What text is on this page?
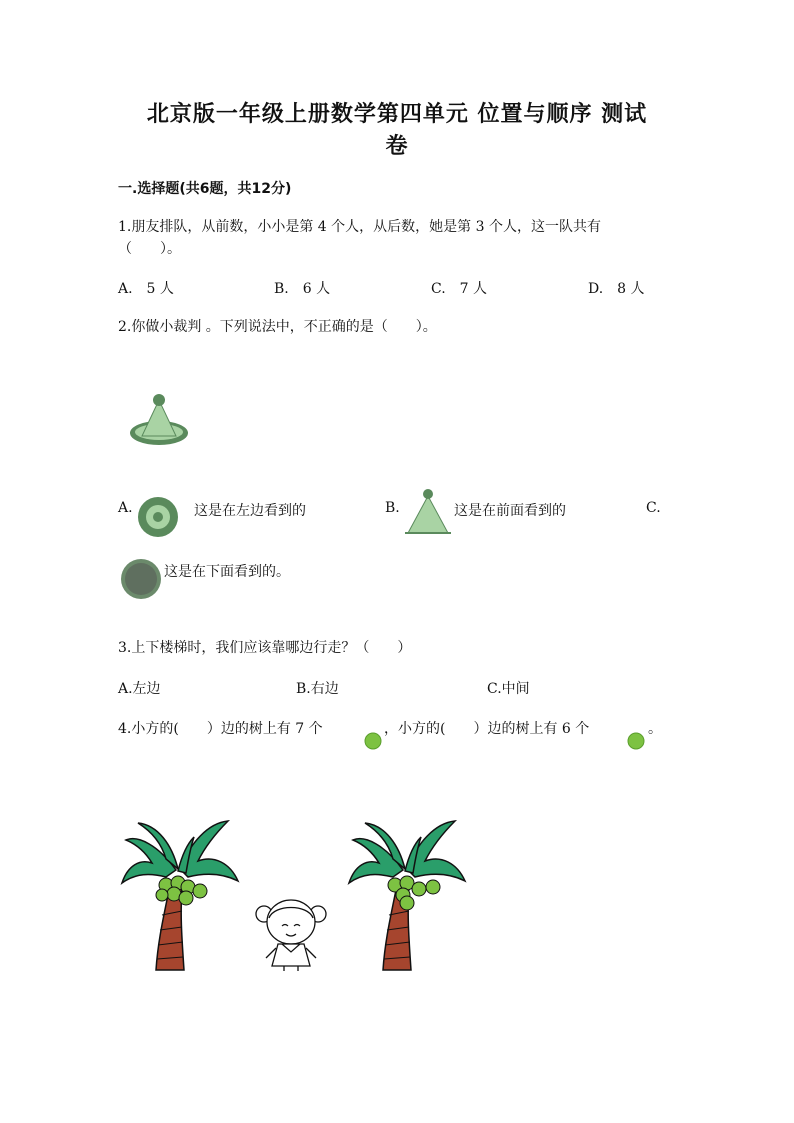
北京版一年级上册数学第四单元 位置与顺序 测试
卷
一.选择题(共6题，共12分)
1.朋友排队，从前数，小小是第 4 个人，从后数，她是第 3 个人，这一队共有
（　　）。
A.　5 人	B.　6 人	C.　7 人	D.　8 人
2.你做小裁判 。下列说法中，不正确的是（　　）。
A.	这是在左边看到的	B.	这是在前面看到的	C.
这是在下面看到的。
3.上下楼梯时，我们应该靠哪边行走？（　　）
A.左边	B.右边	C.中间
4.小方的(　　）边的树上有 7 个	，小方的(　　）边的树上有 6 个	。
